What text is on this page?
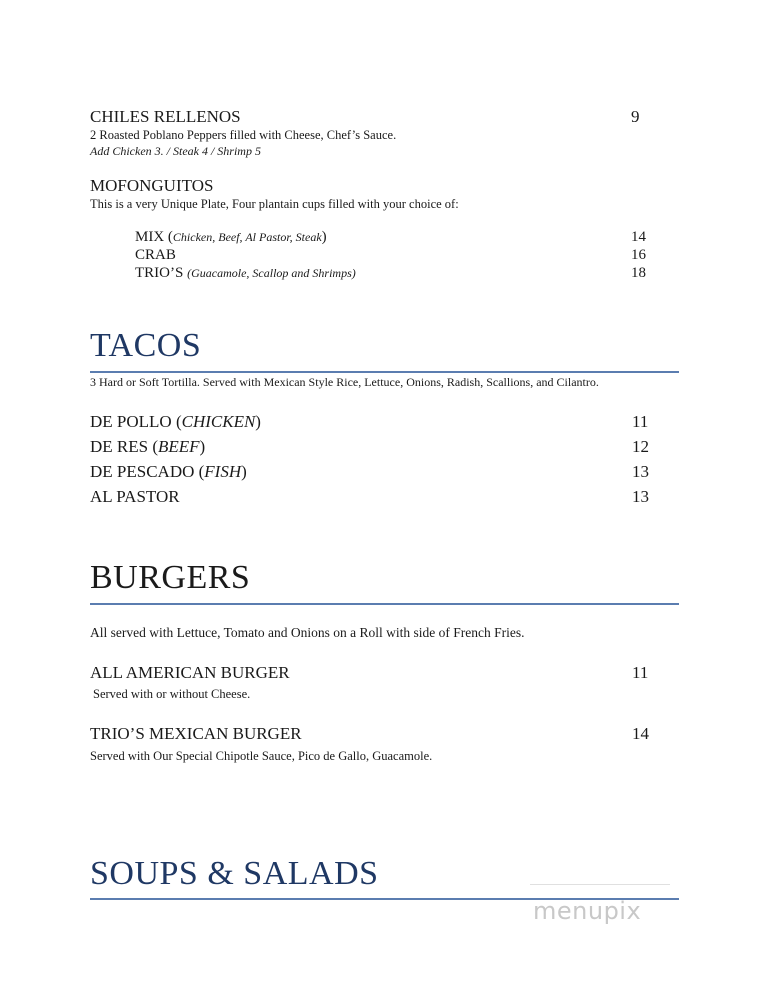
CHILES RELLENOS	9
2 Roasted Poblano Peppers filled with Cheese, Chef’s Sauce.
Add Chicken 3. / Steak 4 / Shrimp 5
MOFONGUITOS
This is a very Unique Plate, Four plantain cups filled with your choice of:
MIX (Chicken, Beef, Al Pastor, Steak)	14
CRAB	16
TRIO’S (Guacamole, Scallop and Shrimps)	18
TACOS
3 Hard or Soft Tortilla. Served with Mexican Style Rice, Lettuce, Onions, Radish, Scallions, and Cilantro.
DE POLLO (CHICKEN)	11
DE RES (BEEF)	12
DE PESCADO (FISH)	13
AL PASTOR	13
BURGERS
All served with Lettuce, Tomato and Onions on a Roll with side of French Fries.
ALL AMERICAN BURGER	11
Served with or without Cheese.
TRIO’S MEXICAN BURGER	14
Served with Our Special Chipotle Sauce, Pico de Gallo, Guacamole.
SOUPS & SALADS
menupix
